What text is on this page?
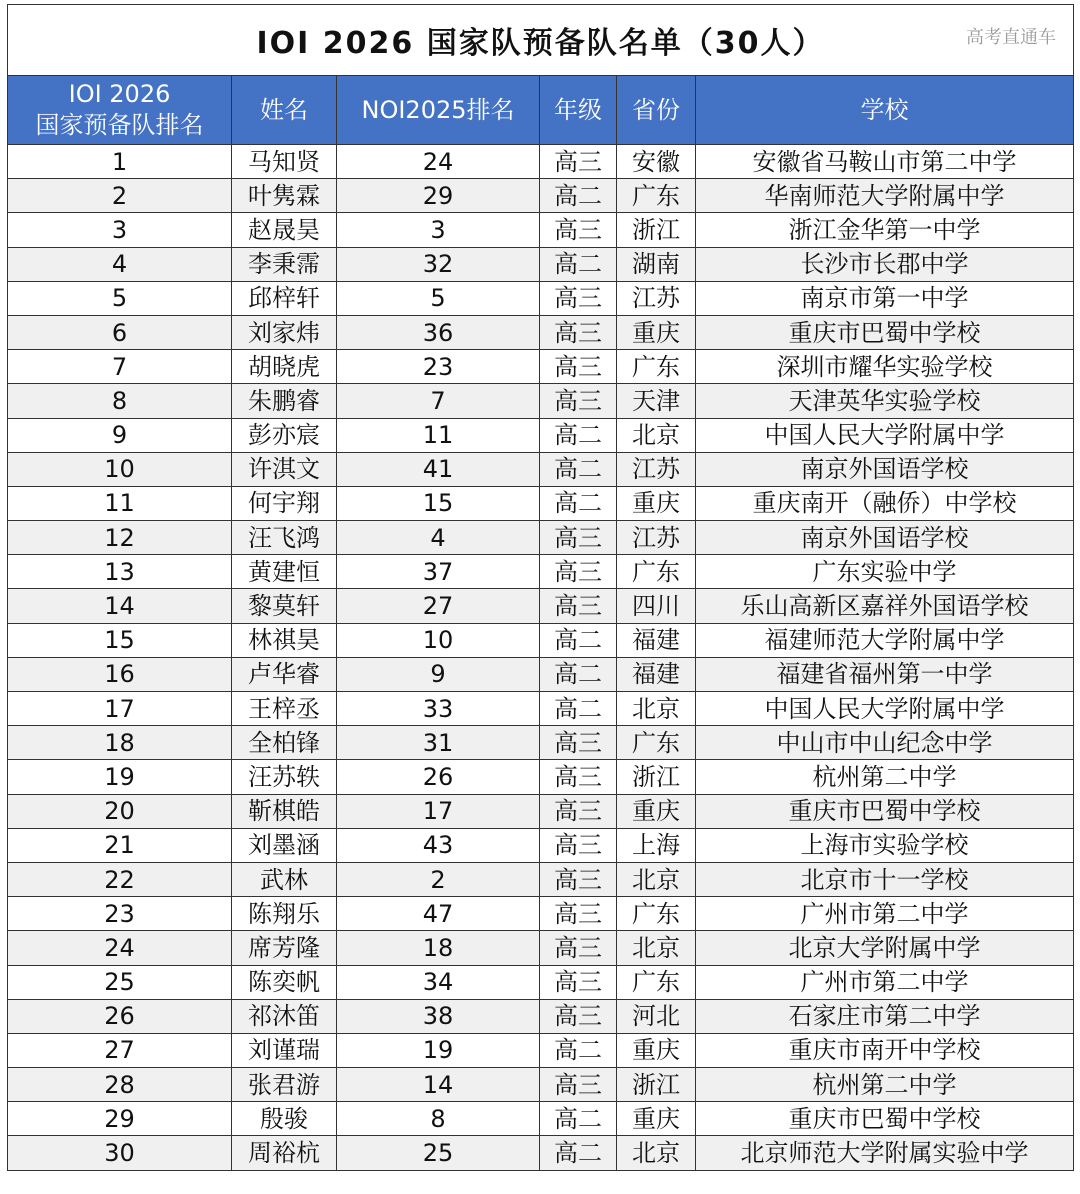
IOI 2026 国家队预备队名单（30人）					

IOI 2026
国家预备队排名	姓名	NOI2025排名	年级	省份	学校
1	马知贤	24	高三	安徽	安徽省马鞍山市第二中学
2	叶隽霖	29	高二	广东	华南师范大学附属中学
3	赵晟昊	3	高三	浙江	浙江金华第一中学
4	李秉霈	32	高二	湖南	长沙市长郡中学
5	邱梓轩	5	高三	江苏	南京市第一中学
6	刘家炜	36	高三	重庆	重庆市巴蜀中学校
7	胡晓虎	23	高三	广东	深圳市耀华实验学校
8	朱鹏睿	7	高三	天津	天津英华实验学校
9	彭亦宸	11	高二	北京	中国人民大学附属中学
10	许淇文	41	高二	江苏	南京外国语学校
11	何宇翔	15	高二	重庆	重庆南开（融侨）中学校
12	汪飞鸿	4	高三	江苏	南京外国语学校
13	黄建恒	37	高三	广东	广东实验中学
14	黎莫轩	27	高三	四川	乐山高新区嘉祥外国语学校
15	林祺昊	10	高二	福建	福建师范大学附属中学
16	卢华睿	9	高二	福建	福建省福州第一中学
17	王梓丞	33	高二	北京	中国人民大学附属中学
18	全柏锋	31	高三	广东	中山市中山纪念中学
19	汪苏轶	26	高三	浙江	杭州第二中学
20	靳棋皓	17	高三	重庆	重庆市巴蜀中学校
21	刘墨涵	43	高三	上海	上海市实验学校
22	武林	2	高三	北京	北京市十一学校
23	陈翔乐	47	高三	广东	广州市第二中学
24	席芳隆	18	高三	北京	北京大学附属中学
25	陈奕帆	34	高三	广东	广州市第二中学
26	祁沐笛	38	高三	河北	石家庄市第二中学
27	刘谨瑞	19	高二	重庆	重庆市南开中学校
28	张君游	14	高三	浙江	杭州第二中学
29	殷骏	8	高二	重庆	重庆市巴蜀中学校
30	周裕杭	25	高二	北京	北京师范大学附属实验中学
高考直通车
